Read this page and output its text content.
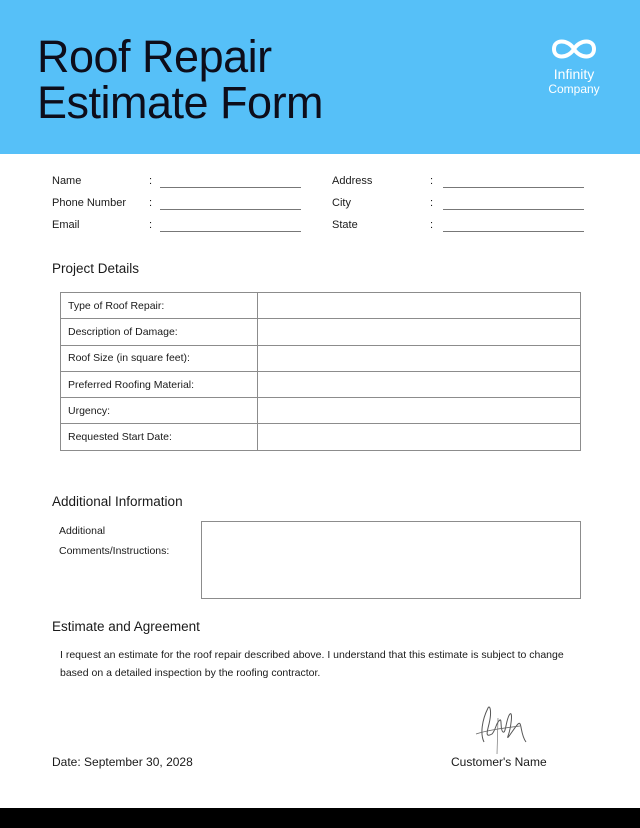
Roof Repair
Estimate Form
Infinity
Company
Name	:
Phone Number :
Email	:
Address	:
City	:
State	:
Project Details
Type of Roof Repair:	
Description of Damage:	
Roof Size (in square feet):	
Preferred Roofing Material:	
Urgency:	
Requested Start Date:	
Additional Information
Additional
Comments/Instructions:
Estimate and Agreement
I request an estimate for the roof repair described above. I understand that this estimate is subject to change based on a detailed inspection by the roofing contractor.
Date: September 30, 2028	Customer's Name
